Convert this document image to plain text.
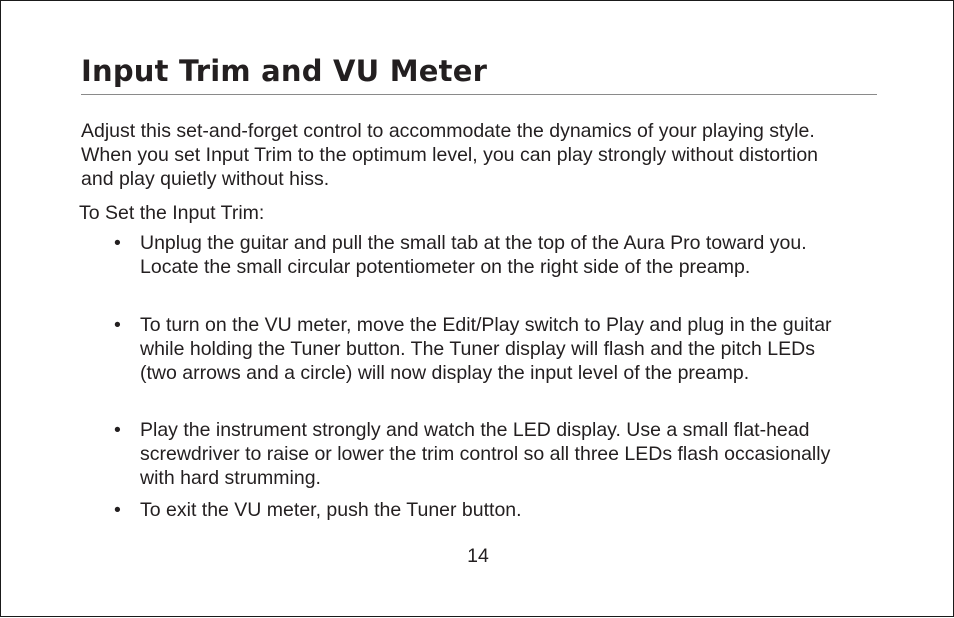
Input Trim and VU Meter

Adjust this set-and-forget control to accommodate the dynamics of your playing style. When you set Input Trim to the optimum level, you can play strongly without distortion and play quietly without hiss.

To Set the Input Trim:

• Unplug the guitar and pull the small tab at the top of the Aura Pro toward you. Locate the small circular potentiometer on the right side of the preamp.
• To turn on the VU meter, move the Edit/Play switch to Play and plug in the guitar while holding the Tuner button. The Tuner display will flash and the pitch LEDs (two arrows and a circle) will now display the input level of the preamp.
• Play the instrument strongly and watch the LED display. Use a small flat-head screwdriver to raise or lower the trim control so all three LEDs flash occasionally with hard strumming.
• To exit the VU meter, push the Tuner button.
14
